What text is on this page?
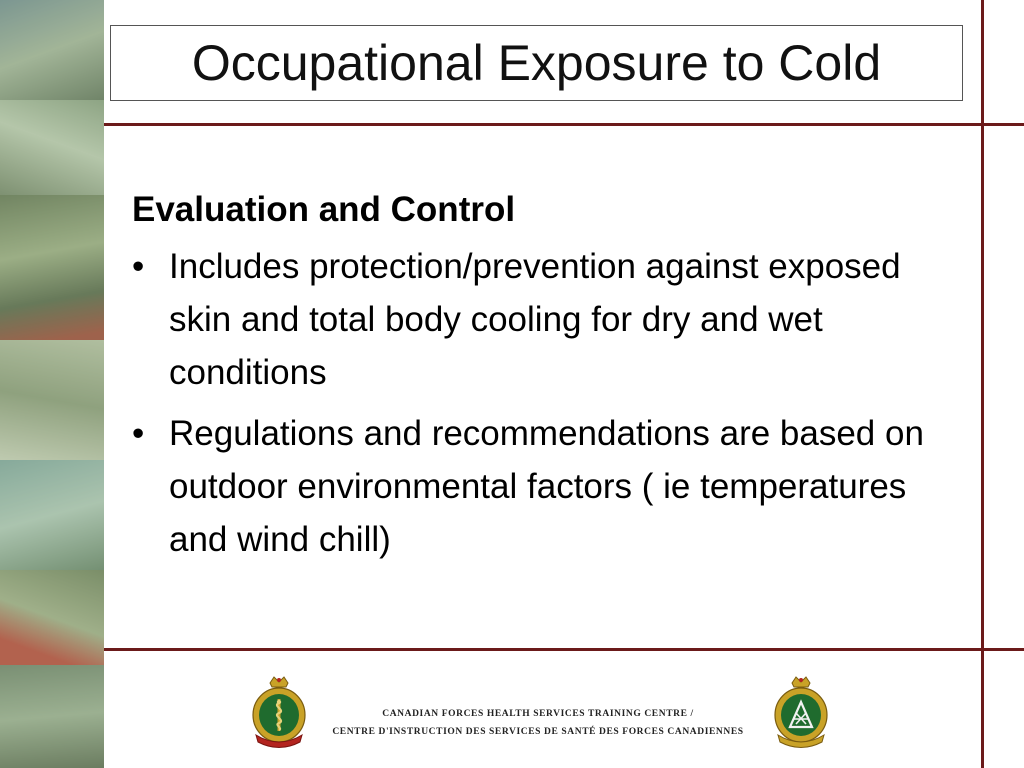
Occupational Exposure to Cold
Evaluation and Control
• Includes protection/prevention against exposed skin and total body cooling for dry and wet conditions
• Regulations and recommendations are based on outdoor environmental factors ( ie temperatures and wind chill)
CANADIAN FORCES HEALTH SERVICES TRAINING CENTRE /
CENTRE D'INSTRUCTION DES SERVICES DE SANTÉ DES FORCES CANADIENNES
